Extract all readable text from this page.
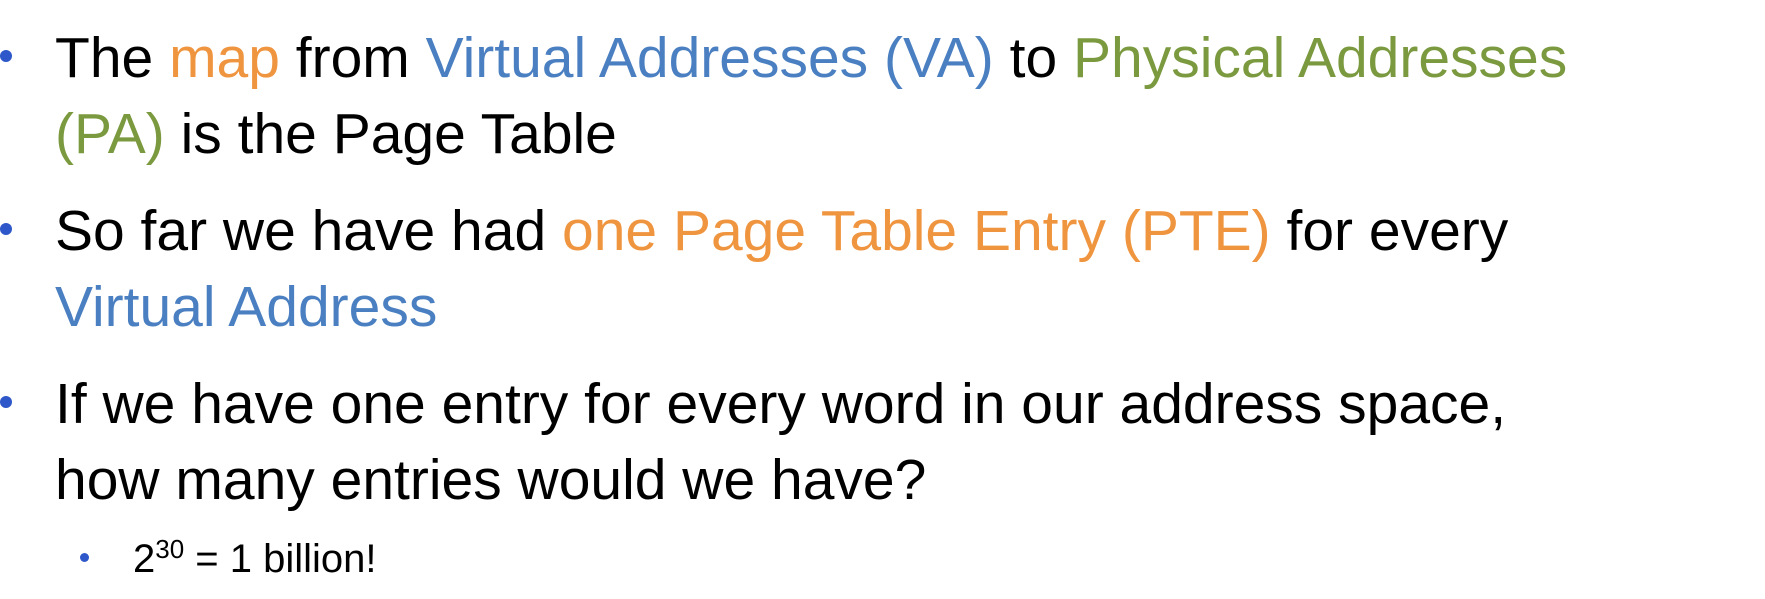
The map from Virtual Addresses (VA) to Physical Addresses
(PA) is the Page Table
So far we have had one Page Table Entry (PTE) for every
Virtual Address
If we have one entry for every word in our address space,
how many entries would we have?
$2^{30} = 1$ billion!
